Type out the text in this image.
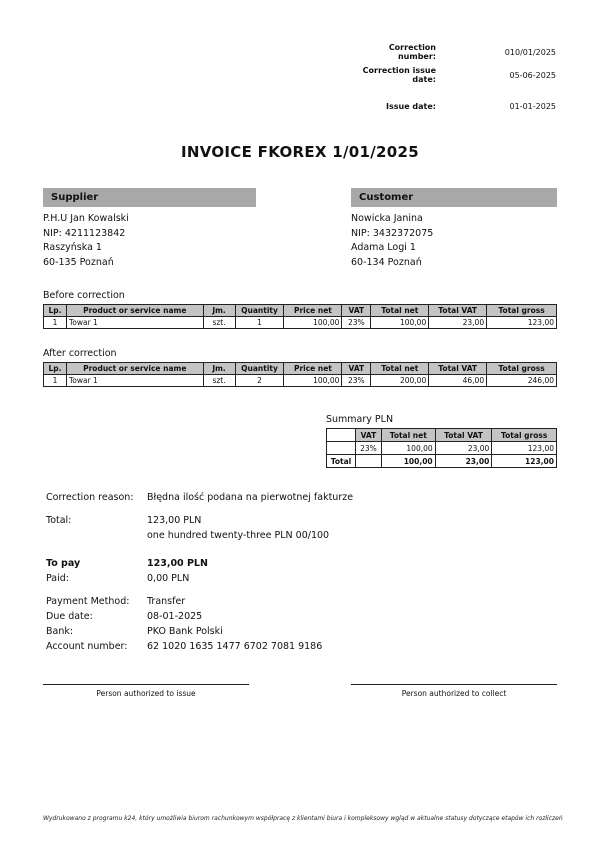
Correction number:	010/01/2025
Correction issue date:	05-06-2025
Issue date:	01-01-2025
INVOICE FKOREX 1/01/2025
Supplier
P.H.U Jan Kowalski
NIP: 4211123842
Raszyńska 1
60-135 Poznań
Customer
Nowicka Janina
NIP: 3432372075
Adama Logi 1
60-134 Poznań
Before correction
Lp.	Product or service name	Jm.	Quantity	Price net	VAT	Total net	Total VAT	Total gross
1	Towar 1	szt.	1	100,00	23%	100,00	23,00	123,00
After correction
Lp.	Product or service name	Jm.	Quantity	Price net	VAT	Total net	Total VAT	Total gross
1	Towar 1	szt.	2	100,00	23%	200,00	46,00	246,00
Summary PLN
	VAT	Total net	Total VAT	Total gross
	23%	100,00	23,00	123,00
Total		100,00	23,00	123,00
Correction reason:	Błędna ilość podana na pierwotnej fakturze
Total:	123,00 PLN
one hundred twenty-three PLN 00/100
To pay	123,00 PLN
Paid:	0,00 PLN
Payment Method:	Transfer
Due date:	08-01-2025
Bank:	PKO Bank Polski
Account number:	62 1020 1635 1477 6702 7081 9186
Person authorized to issue	Person authorized to collect
Wydrukowano z programu k24, który umożliwia biurom rachunkowym współpracę z klientami biura i kompleksowy wgląd w aktualne statusy dotyczące etapów ich rozliczeń
